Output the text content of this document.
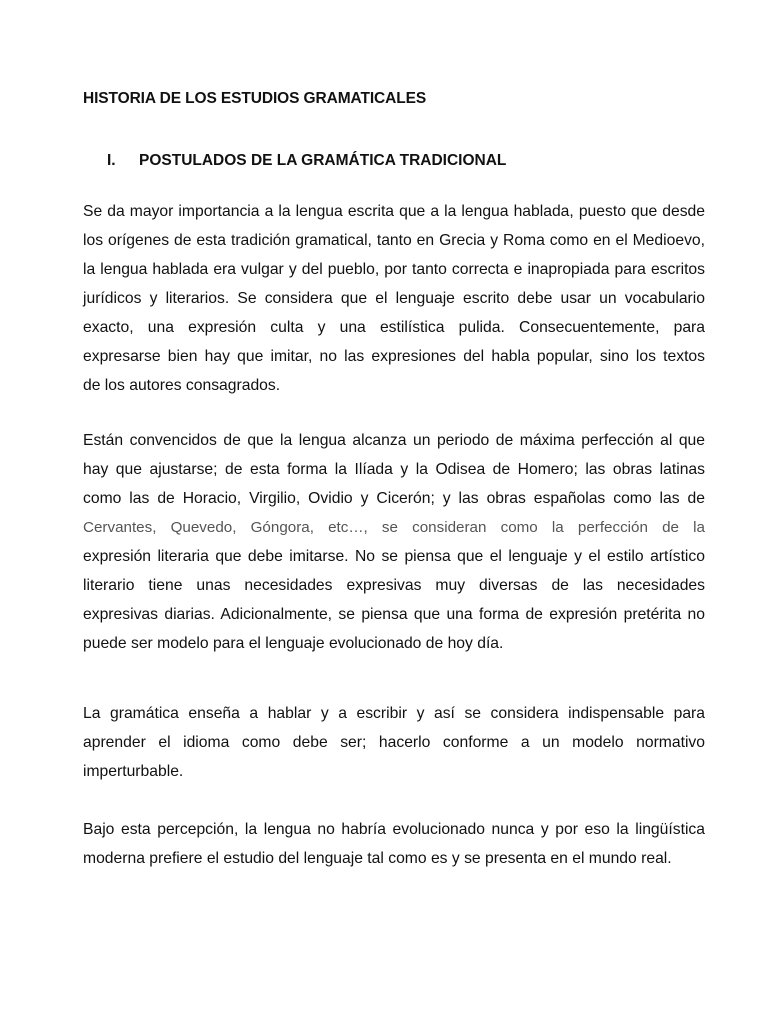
HISTORIA DE LOS ESTUDIOS GRAMATICALES
I. POSTULADOS DE LA GRAMÁTICA TRADICIONAL
Se da mayor importancia a la lengua escrita que a la lengua hablada, puesto que desde
los orígenes de esta tradición gramatical, tanto en Grecia y Roma como en el Medioevo,
la lengua hablada era vulgar y del pueblo, por tanto correcta e inapropiada para escritos
jurídicos y literarios. Se considera que el lenguaje escrito debe usar un vocabulario
exacto, una expresión culta y una estilística pulida. Consecuentemente, para
expresarse bien hay que imitar, no las expresiones del habla popular, sino los textos
de los autores consagrados.
Están convencidos de que la lengua alcanza un periodo de máxima perfección al que
hay que ajustarse; de esta forma la Ilíada y la Odisea de Homero; las obras latinas
como las de Horacio, Virgilio, Ovidio y Cicerón; y las obras españolas como las de
Cervantes, Quevedo, Góngora, etc…, se consideran como la perfección de la
expresión literaria que debe imitarse. No se piensa que el lenguaje y el estilo artístico
literario tiene unas necesidades expresivas muy diversas de las necesidades
expresivas diarias. Adicionalmente, se piensa que una forma de expresión pretérita no
puede ser modelo para el lenguaje evolucionado de hoy día.
La gramática enseña a hablar y a escribir y así se considera indispensable para
aprender el idioma como debe ser; hacerlo conforme a un modelo normativo
imperturbable.
Bajo esta percepción, la lengua no habría evolucionado nunca y por eso la lingüística
moderna prefiere el estudio del lenguaje tal como es y se presenta en el mundo real.
